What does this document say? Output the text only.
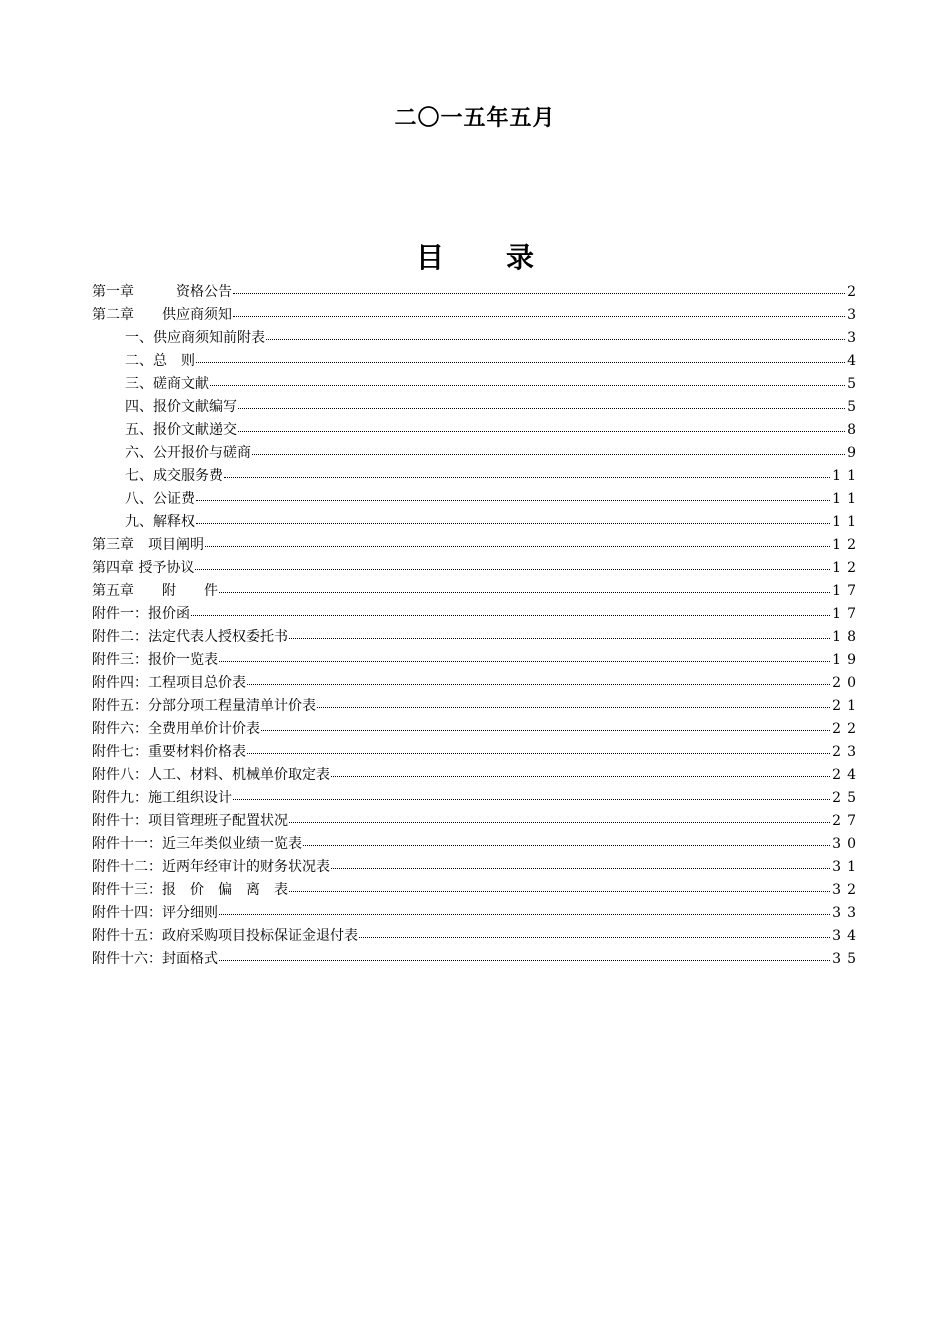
二〇一五年五月
目 录
第一章　　　资格公告	2
第二章　　供应商须知	3
一、供应商须知前附表	3
二、总　则	4
三、磋商文献	5
四、报价文献编写	5
五、报价文献递交	8
六、公开报价与磋商	9
七、成交服务费	11
八、公证费	11
九、解释权	11
第三章　项目阐明	12
第四章 授予协议	12
第五章　　附　　件	17
附件一：报价函	17
附件二：法定代表人授权委托书	18
附件三：报价一览表	19
附件四：工程项目总价表	20
附件五：分部分项工程量清单计价表	21
附件六：全费用单价计价表	22
附件七：重要材料价格表	23
附件八：人工、材料、机械单价取定表	24
附件九：施工组织设计	25
附件十：项目管理班子配置状况	27
附件十一：近三年类似业绩一览表	30
附件十二：近两年经审计的财务状况表	31
附件十三：报　价　偏　离　表	32
附件十四：评分细则	33
附件十五：政府采购项目投标保证金退付表	34
附件十六：封面格式	35
